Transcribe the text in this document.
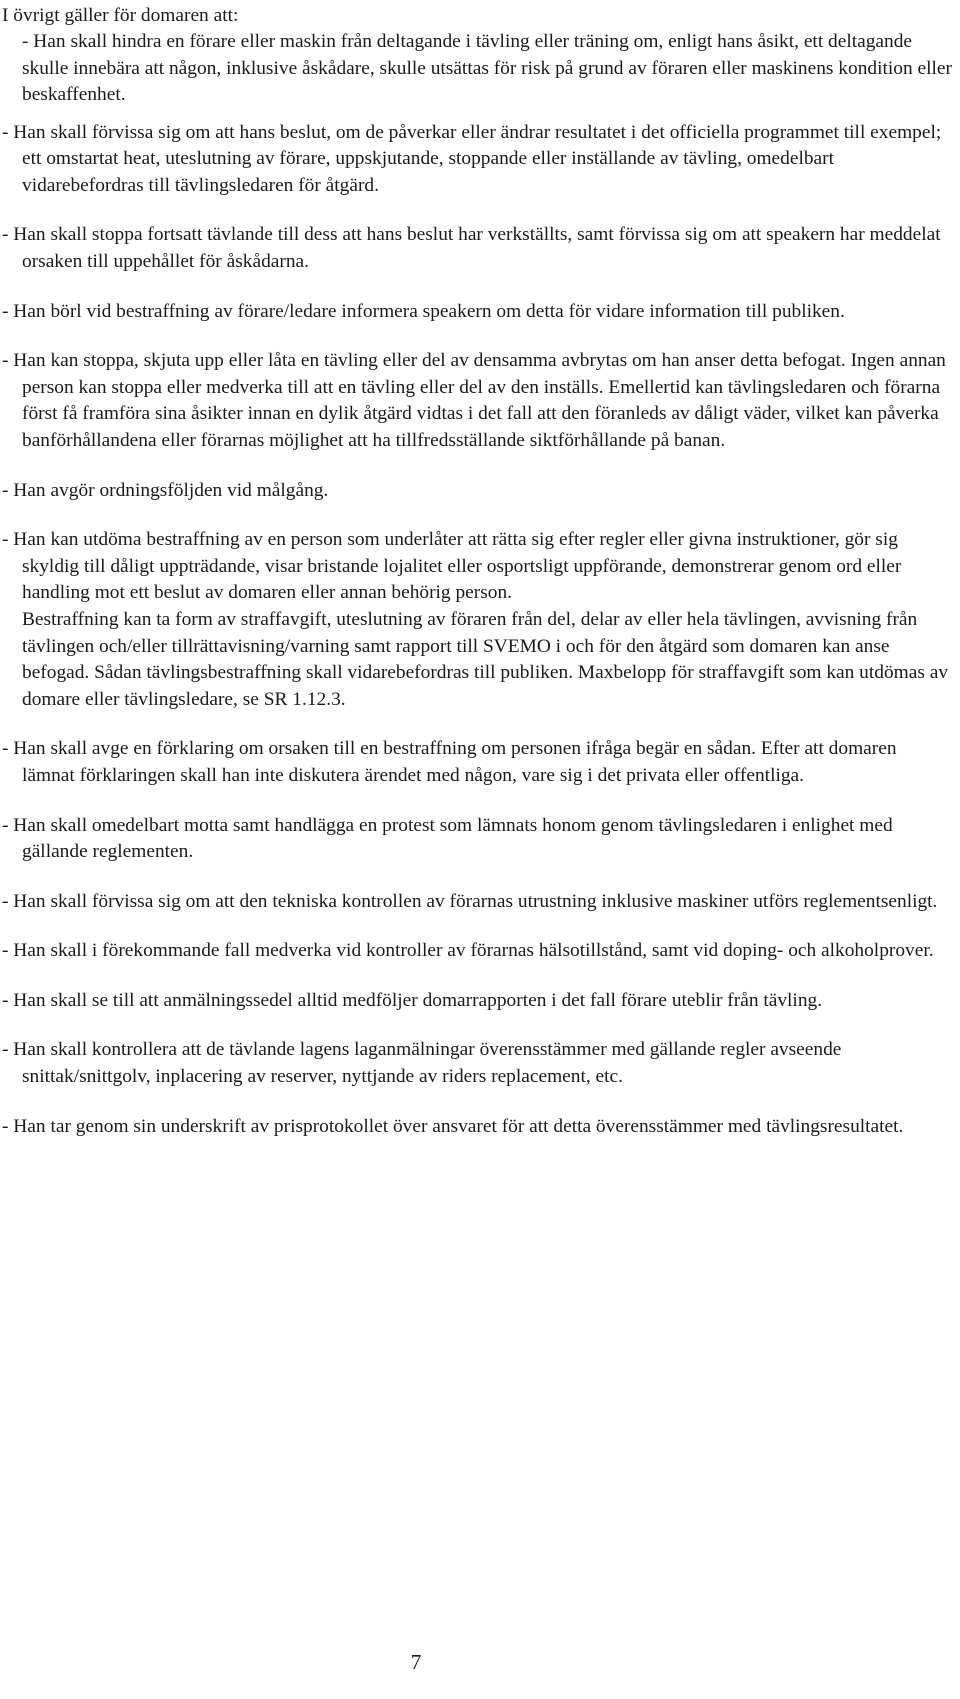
I övrigt gäller för domaren att:
- Han skall hindra en förare eller maskin från deltagande i tävling eller träning om, enligt hans åsikt, ett deltagande skulle innebära att någon, inklusive åskådare, skulle utsättas för risk på grund av föraren eller maskinens kondition eller beskaffenhet.

- Han skall förvissa sig om att hans beslut, om de påverkar eller ändrar resultatet i det officiella programmet till exempel; ett omstartat heat, uteslutning av förare, uppskjutande, stoppande eller inställande av tävling, omedelbart vidarebefordras till tävlingsledaren för åtgärd.

- Han skall stoppa fortsatt tävlande till dess att hans beslut har verkställts, samt förvissa sig om att speakern har meddelat orsaken till uppehållet för åskådarna.

- Han börl vid bestraffning av förare/ledare informera speakern om detta för vidare information till publiken.

- Han kan stoppa, skjuta upp eller låta en tävling eller del av densamma avbrytas om han anser detta befogat. Ingen annan person kan stoppa eller medverka till att en tävling eller del av den inställs. Emellertid kan tävlingsledaren och förarna först få framföra sina åsikter innan en dylik åtgärd vidtas i det fall att den föranleds av dåligt väder, vilket kan påverka banförhållandena eller förarnas möjlighet att ha tillfredsställande siktförhållande på banan.

- Han avgör ordningsföljden vid målgång.

- Han kan utdöma bestraffning av en person som underlåter att rätta sig efter regler eller givna instruktioner, gör sig skyldig till dåligt uppträdande, visar bristande lojalitet eller osportsligt uppförande, demonstrerar genom ord eller handling mot ett beslut av domaren eller annan behörig person.
Bestraffning kan ta form av straffavgift, uteslutning av föraren från del, delar av eller hela tävlingen, avvisning från tävlingen och/eller tillrättavisning/varning samt rapport till SVEMO i och för den åtgärd som domaren kan anse befogad. Sådan tävlingsbestraffning skall vidarebefordras till publiken. Maxbelopp för straffavgift som kan utdömas av domare eller tävlingsledare, se SR 1.12.3.

- Han skall avge en förklaring om orsaken till en bestraffning om personen ifråga begär en sådan. Efter att domaren lämnat förklaringen skall han inte diskutera ärendet med någon, vare sig i det privata eller offentliga.

- Han skall omedelbart motta samt handlägga en protest som lämnats honom genom tävlingsledaren i enlighet med gällande reglementen.

- Han skall förvissa sig om att den tekniska kontrollen av förarnas utrustning inklusive maskiner utförs reglementsenligt.

- Han skall i förekommande fall medverka vid kontroller av förarnas hälsotillstånd, samt vid doping- och alkoholprover.

- Han skall se till att anmälningssedel alltid medföljer domarrapporten i det fall förare uteblir från tävling.

- Han skall kontrollera att de tävlande lagens laganmälningar överensstämmer med gällande regler avseende snittak/snittgolv, inplacering av reserver, nyttjande av riders replacement, etc.

- Han tar genom sin underskrift av prisprotokollet över ansvaret för att detta överensstämmer med tävlingsresultatet.

7
